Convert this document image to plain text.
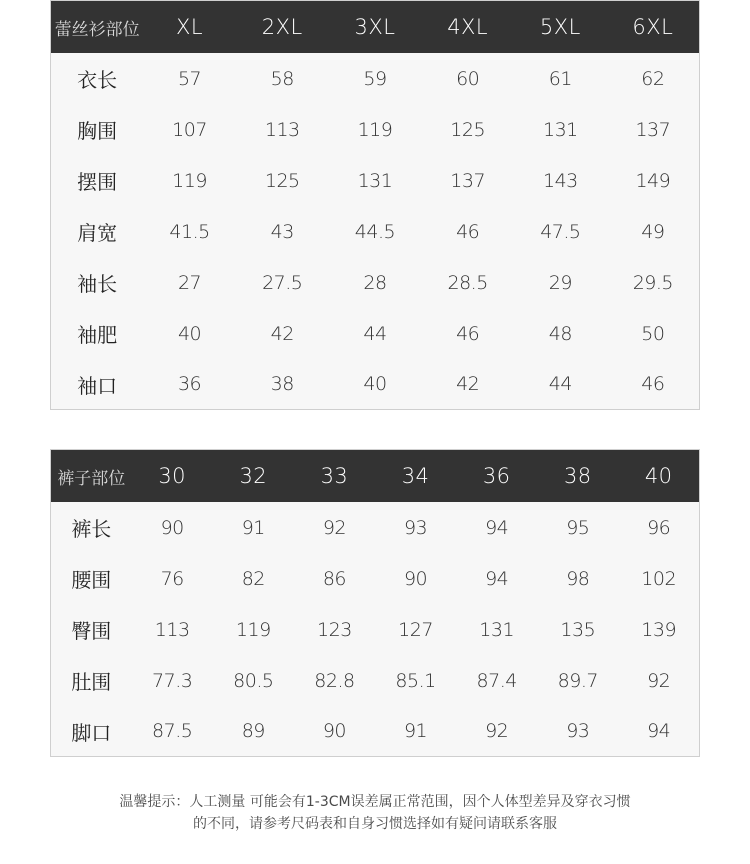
蕾丝衫部位	XL	2XL	3XL	4XL	5XL	6XL
衣长	57	58	59	60	61	62
胸围	107	113	119	125	131	137
摆围	119	125	131	137	143	149
肩宽	41.5	43	44.5	46	47.5	49
袖长	27	27.5	28	28.5	29	29.5
袖肥	40	42	44	46	48	50
袖口	36	38	40	42	44	46
裤子部位	30	32	33	34	36	38	40
裤长	90	91	92	93	94	95	96
腰围	76	82	86	90	94	98	102
臀围	113	119	123	127	131	135	139
肚围	77.3	80.5	82.8	85.1	87.4	89.7	92
脚口	87.5	89	90	91	92	93	94
温馨提示：人工测量 可能会有1-3CM误差属正常范围，因个人体型差异及穿衣习惯
的不同，请参考尺码表和自身习惯选择如有疑问请联系客服
